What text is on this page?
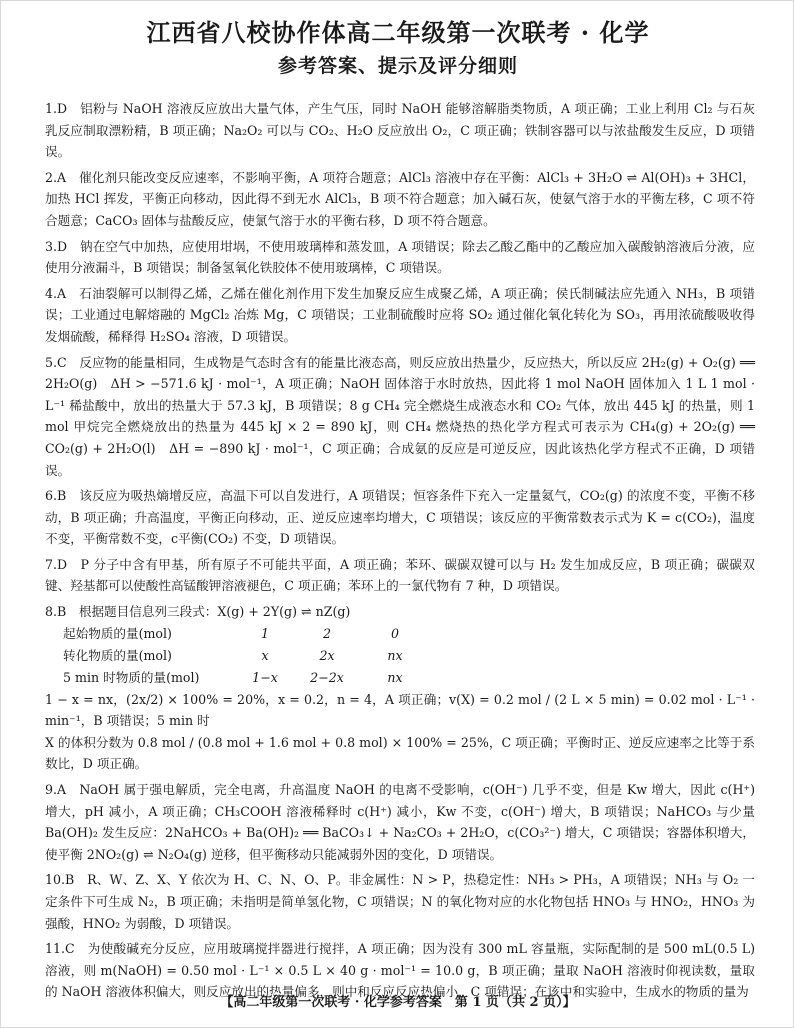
江西省八校协作体高二年级第一次联考 · 化学
参考答案、提示及评分细则
1.D　铝粉与 NaOH 溶液反应放出大量气体，产生气压，同时 NaOH 能够溶解脂类物质，A 项正确；工业上利用 Cl₂ 与石灰乳反应制取漂粉精，B 项正确；Na₂O₂ 可以与 CO₂、H₂O 反应放出 O₂，C 项正确；铁制容器可以与浓盐酸发生反应，D 项错误。
2.A　催化剂只能改变反应速率，不影响平衡，A 项符合题意；AlCl₃ 溶液中存在平衡：AlCl₃ + 3H₂O ⇌ Al(OH)₃ + 3HCl，加热 HCl 挥发，平衡正向移动，因此得不到无水 AlCl₃，B 项不符合题意；加入碱石灰，使氨气溶于水的平衡左移，C 项不符合题意；CaCO₃ 固体与盐酸反应，使氯气溶于水的平衡右移，D 项不符合题意。
3.D　钠在空气中加热，应使用坩埚，不使用玻璃棒和蒸发皿，A 项错误；除去乙酸乙酯中的乙酸应加入碳酸钠溶液后分液，应使用分液漏斗，B 项错误；制备氢氧化铁胶体不使用玻璃棒，C 项错误。
4.A　石油裂解可以制得乙烯，乙烯在催化剂作用下发生加聚反应生成聚乙烯，A 项正确；侯氏制碱法应先通入 NH₃，B 项错误；工业通过电解熔融的 MgCl₂ 冶炼 Mg，C 项错误；工业制硫酸时应将 SO₂ 通过催化氧化转化为 SO₃，再用浓硫酸吸收得发烟硫酸，稀释得 H₂SO₄ 溶液，D 项错误。
5.C　反应物的能量相同，生成物是气态时含有的能量比液态高，则反应放出热量少，反应热大，所以反应 2H₂(g) + O₂(g) ══ 2H₂O(g)　ΔH > −571.6 kJ · mol⁻¹，A 项正确；NaOH 固体溶于水时放热，因此将 1 mol NaOH 固体加入 1 L 1 mol · L⁻¹ 稀盐酸中，放出的热量大于 57.3 kJ，B 项错误；8 g CH₄ 完全燃烧生成液态水和 CO₂ 气体，放出 445 kJ 的热量，则 1 mol 甲烷完全燃烧放出的热量为 445 kJ × 2 = 890 kJ，则 CH₄ 燃烧热的热化学方程式可表示为 CH₄(g) + 2O₂(g) ══ CO₂(g) + 2H₂O(l)　ΔH = −890 kJ · mol⁻¹，C 项正确；合成氨的反应是可逆反应，因此该热化学方程式不正确，D 项错误。
6.B　该反应为吸热熵增反应，高温下可以自发进行，A 项错误；恒容条件下充入一定量氦气，CO₂(g) 的浓度不变，平衡不移动，B 项正确；升高温度，平衡正向移动，正、逆反应速率均增大，C 项错误；该反应的平衡常数表示式为 K = c(CO₂)，温度不变，平衡常数不变，c平衡(CO₂) 不变，D 项错误。
7.D　P 分子中含有甲基，所有原子不可能共平面，A 项正确；苯环、碳碳双键可以与 H₂ 发生加成反应，B 项正确；碳碳双键、羟基都可以使酸性高锰酸钾溶液褪色，C 项正确；苯环上的一氯代物有 7 种，D 项错误。
8.B　根据题目信息列三段式：X(g) + 2Y(g) ⇌ nZ(g)
起始物质的量(mol)	1	2	0
转化物质的量(mol)	x	2x	nx
5 min 时物质的量(mol)	1−x	2−2x	nx
1 − x = nx，(2x/2) × 100% = 20%，x = 0.2，n = 4，A 项正确；v(X) = 0.2 mol / (2 L × 5 min) = 0.02 mol · L⁻¹ · min⁻¹，B 项错误；5 min 时
X 的体积分数为 0.8 mol / (0.8 mol + 1.6 mol + 0.8 mol) × 100% = 25%，C 项正确；平衡时正、逆反应速率之比等于系数比，D 项正确。
9.A　NaOH 属于强电解质，完全电离，升高温度 NaOH 的电离不受影响，c(OH⁻) 几乎不变，但是 Kw 增大，因此 c(H⁺) 增大，pH 减小，A 项正确；CH₃COOH 溶液稀释时 c(H⁺) 减小，Kw 不变，c(OH⁻) 增大，B 项错误；NaHCO₃ 与少量 Ba(OH)₂ 发生反应：2NaHCO₃ + Ba(OH)₂ ══ BaCO₃↓ + Na₂CO₃ + 2H₂O，c(CO₃²⁻) 增大，C 项错误；容器体积增大，使平衡 2NO₂(g) ⇌ N₂O₄(g) 逆移，但平衡移动只能减弱外因的变化，D 项错误。
10.B　R、W、Z、X、Y 依次为 H、C、N、O、P。非金属性：N > P，热稳定性：NH₃ > PH₃，A 项错误；NH₃ 与 O₂ 一定条件下可生成 N₂，B 项正确；未指明是简单氢化物，C 项错误；N 的氧化物对应的水化物包括 HNO₃ 与 HNO₂，HNO₃ 为强酸，HNO₂ 为弱酸，D 项错误。
11.C　为使酸碱充分反应，应用玻璃搅拌器进行搅拌，A 项正确；因为没有 300 mL 容量瓶，实际配制的是 500 mL(0.5 L) 溶液，则 m(NaOH) = 0.50 mol · L⁻¹ × 0.5 L × 40 g · mol⁻¹ = 10.0 g，B 项正确；量取 NaOH 溶液时仰视读数，量取的 NaOH 溶液体积偏大，则反应放出的热量偏多，则中和反应反应热偏小，C 项错误；在该中和实验中，生成水的物质的量为
【高二年级第一次联考 · 化学参考答案　第 1 页（共 2 页）】
